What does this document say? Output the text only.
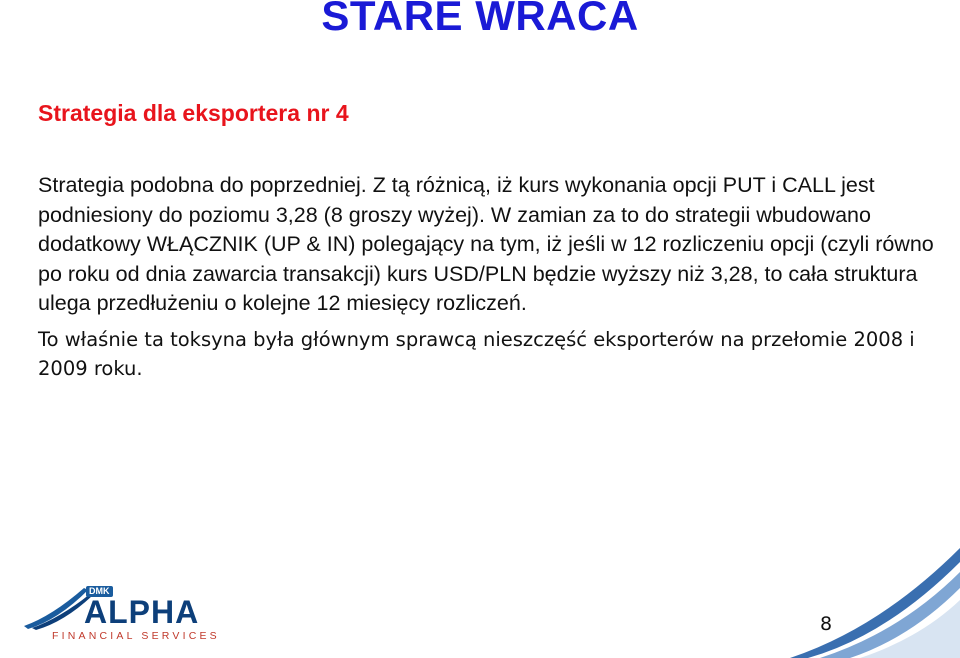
STARE WRACA
Strategia dla eksportera nr 4

Strategia podobna do poprzedniej. Z tą różnicą, iż kurs wykonania opcji PUT i CALL jest podniesiony do poziomu 3,28 (8 groszy wyżej). W zamian za to do strategii wbudowano dodatkowy WŁĄCZNIK (UP & IN) polegający na tym, iż jeśli w 12 rozliczeniu opcji (czyli równo po roku od dnia zawarcia transakcji) kurs USD/PLN będzie wyższy niż 3,28, to cała struktura ulega przedłużeniu o kolejne 12 miesięcy rozliczeń.

To właśnie ta toksyna była głównym sprawcą nieszczęść eksporterów na przełomie 2008 i 2009 roku.

DMK
ALPHA
FINANCIAL SERVICES
8
